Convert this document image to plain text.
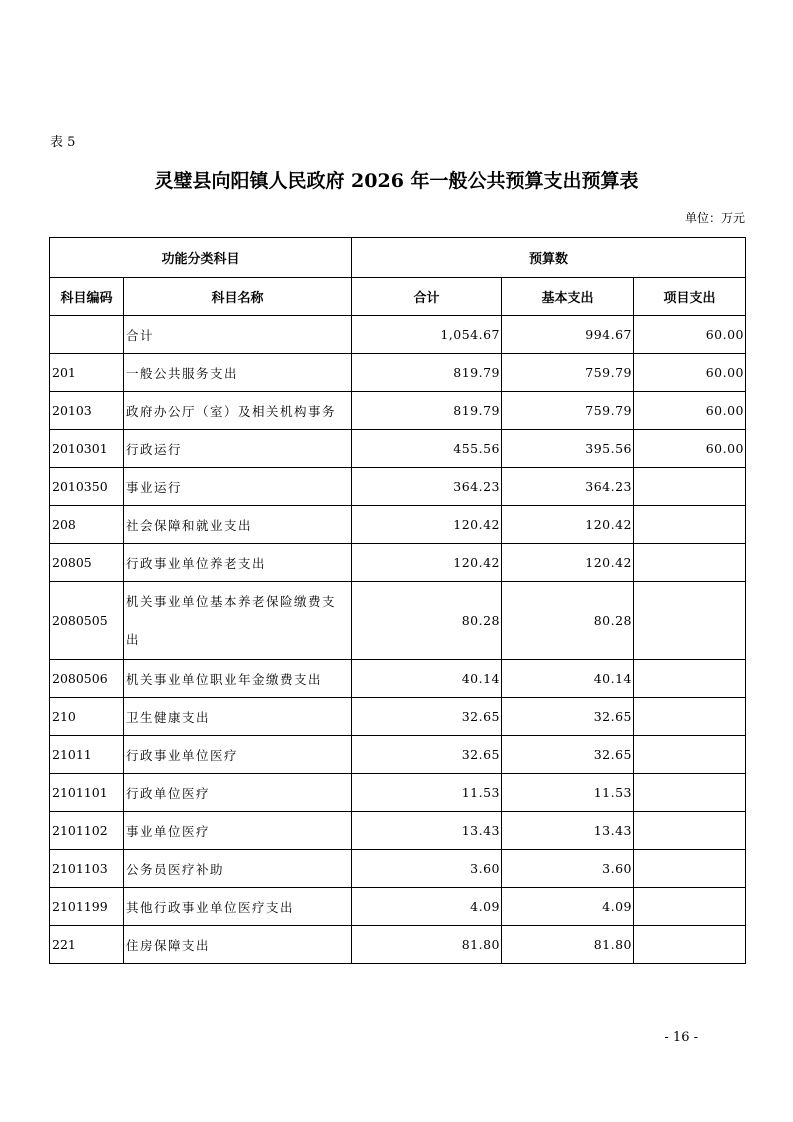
表 5
灵璧县向阳镇人民政府 2026 年一般公共预算支出预算表
单位：万元
功能分类科目		预算数		
科目编码	科目名称	合计	基本支出	项目支出
	合计	1,054.67	994.67	60.00
201	一般公共服务支出	819.79	759.79	60.00
20103	政府办公厅（室）及相关机构事务	819.79	759.79	60.00
2010301	行政运行	455.56	395.56	60.00
2010350	事业运行	364.23	364.23	
208	社会保障和就业支出	120.42	120.42	
20805	行政事业单位养老支出	120.42	120.42	
2080505	机关事业单位基本养老保险缴费支出	80.28	80.28	
2080506	机关事业单位职业年金缴费支出	40.14	40.14	
210	卫生健康支出	32.65	32.65	
21011	行政事业单位医疗	32.65	32.65	
2101101	行政单位医疗	11.53	11.53	
2101102	事业单位医疗	13.43	13.43	
2101103	公务员医疗补助	3.60	3.60	
2101199	其他行政事业单位医疗支出	4.09	4.09	
221	住房保障支出	81.80	81.80	
- 16 -
